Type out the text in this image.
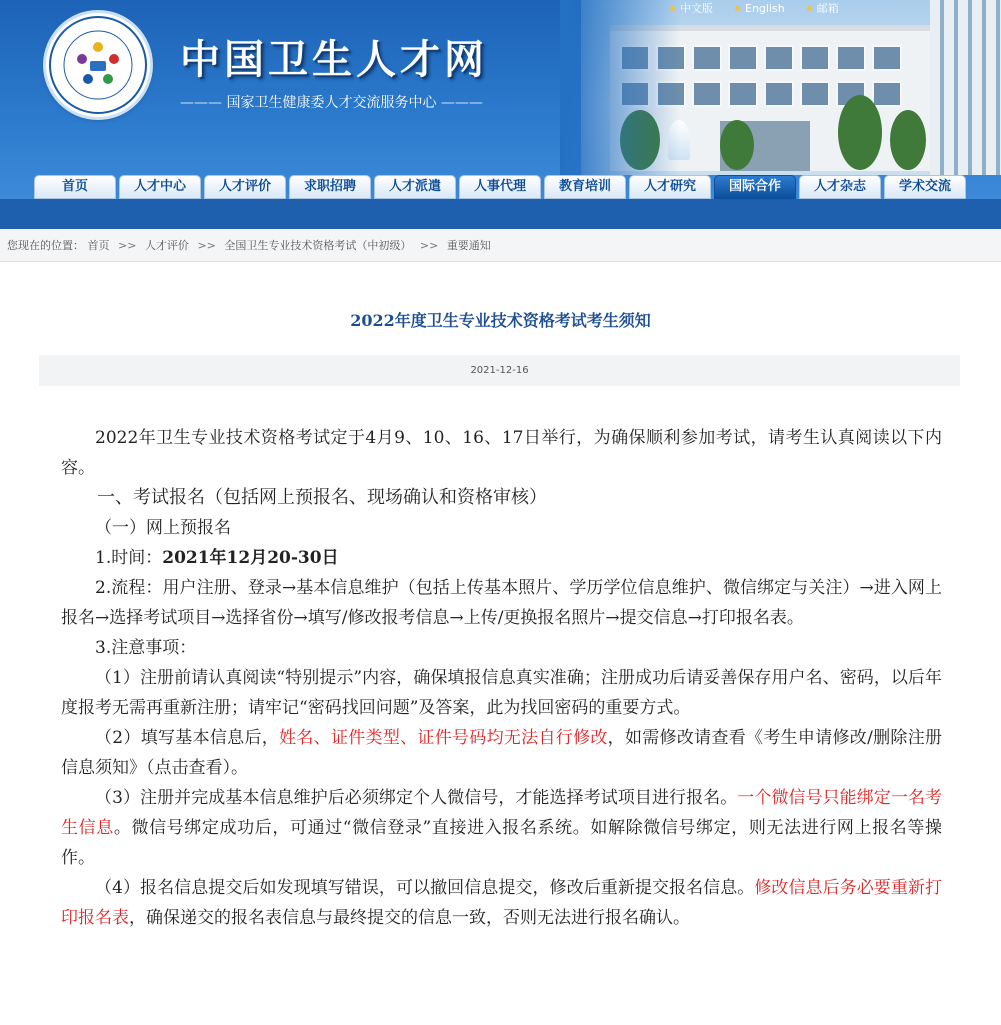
中国卫生人才网
——— 国家卫生健康委人才交流服务中心 ———
中文版	English	邮箱
首页	人才中心	人才评价	求职招聘	人才派遣	人事代理	教育培训	人才研究	国际合作	人才杂志	学术交流
您现在的位置： 首页 >> 人才评价 >> 全国卫生专业技术资格考试（中初级） >> 重要通知
2022年度卫生专业技术资格考试考生须知
2021-12-16

2022年卫生专业技术资格考试定于4月9、10、16、17日举行，为确保顺利参加考试，请考生认真阅读以下内容。

一、考试报名（包括网上预报名、现场确认和资格审核）

（一）网上预报名

1.时间：2021年12月20-30日

2.流程：用户注册、登录→基本信息维护（包括上传基本照片、学历学位信息维护、微信绑定与关注）→进入网上报名→选择考试项目→选择省份→填写/修改报考信息→上传/更换报名照片→提交信息→打印报名表。

3.注意事项：

（1）注册前请认真阅读“特别提示”内容，确保填报信息真实准确；注册成功后请妥善保存用户名、密码，以后年度报考无需再重新注册；请牢记“密码找回问题”及答案，此为找回密码的重要方式。

（2）填写基本信息后，姓名、证件类型、证件号码均无法自行修改，如需修改请查看《考生申请修改/删除注册信息须知》（点击查看）。

（3）注册并完成基本信息维护后必须绑定个人微信号，才能选择考试项目进行报名。一个微信号只能绑定一名考生信息。微信号绑定成功后，可通过“微信登录”直接进入报名系统。如解除微信号绑定，则无法进行网上报名等操作。

（4）报名信息提交后如发现填写错误，可以撤回信息提交，修改后重新提交报名信息。修改信息后务必要重新打印报名表，确保递交的报名表信息与最终提交的信息一致，否则无法进行报名确认。
